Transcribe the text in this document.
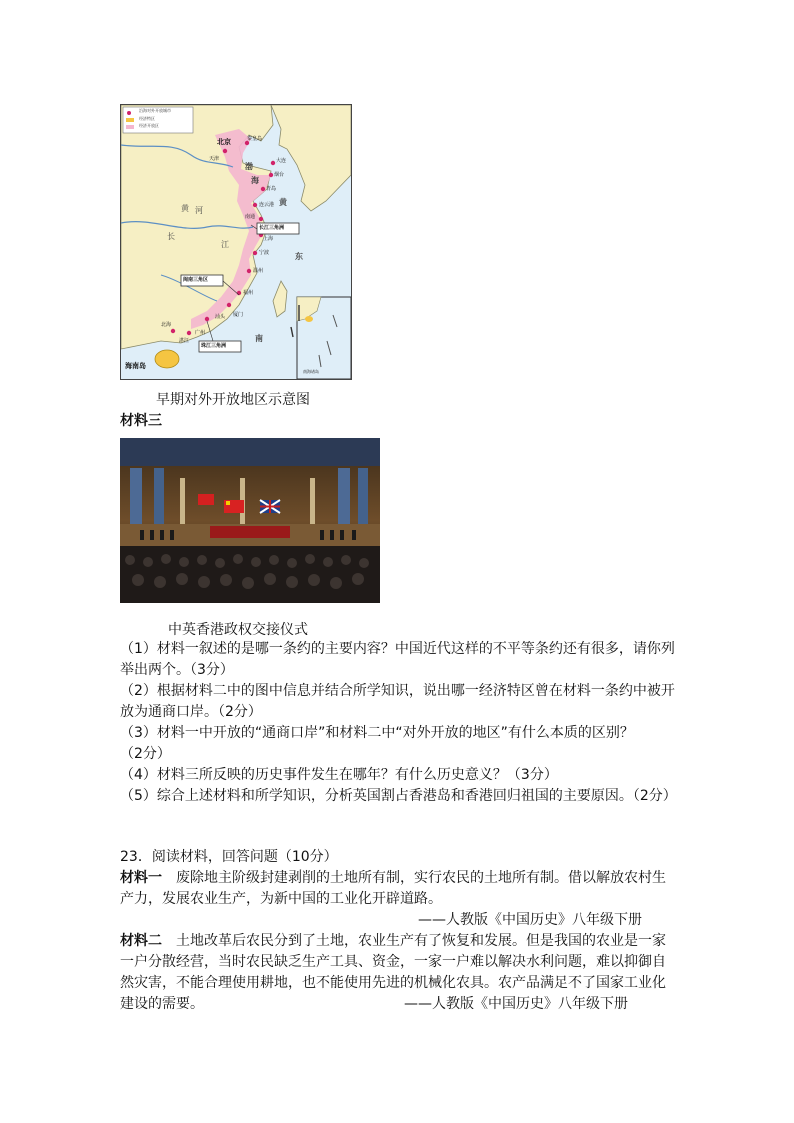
沿海对外开放城市
经济特区
经济开放区
北京
天津
秦皇岛
大连
烟台
青岛
连云港
南通
上海
宁波
温州
福州
厦门
汕头
广州
湛江
北海
海南岛
长江三角洲
闽南三角区
珠江三角洲
渤
海
黄
东
南
黄 河
长
江
南海诸岛
早期对外开放地区示意图
材料三
中英香港政权交接仪式
（1）材料一叙述的是哪一条约的主要内容？中国近代这样的不平等条约还有很多，请你列
举出两个。（3分）
（2）根据材料二中的图中信息并结合所学知识，说出哪一经济特区曾在材料一条约中被开
放为通商口岸。（2分）
（3）材料一中开放的“通商口岸”和材料二中“对外开放的地区”有什么本质的区别？
（2分）
（4）材料三所反映的历史事件发生在哪年？有什么历史意义？（3分）
（5）综合上述材料和所学知识，分析英国割占香港岛和香港回归祖国的主要原因。（2分）
23．阅读材料，回答问题（10分）
材料一　废除地主阶级封建剥削的土地所有制，实行农民的土地所有制。借以解放农村生
产力，发展农业生产，为新中国的工业化开辟道路。
——人教版《中国历史》八年级下册
材料二　土地改革后农民分到了土地，农业生产有了恢复和发展。但是我国的农业是一家
一户分散经营，当时农民缺乏生产工具、资金，一家一户难以解决水利问题，难以抑御自
然灾害，不能合理使用耕地，也不能使用先进的机械化农具。农产品满足不了国家工业化
建设的需要。	——人教版《中国历史》八年级下册
